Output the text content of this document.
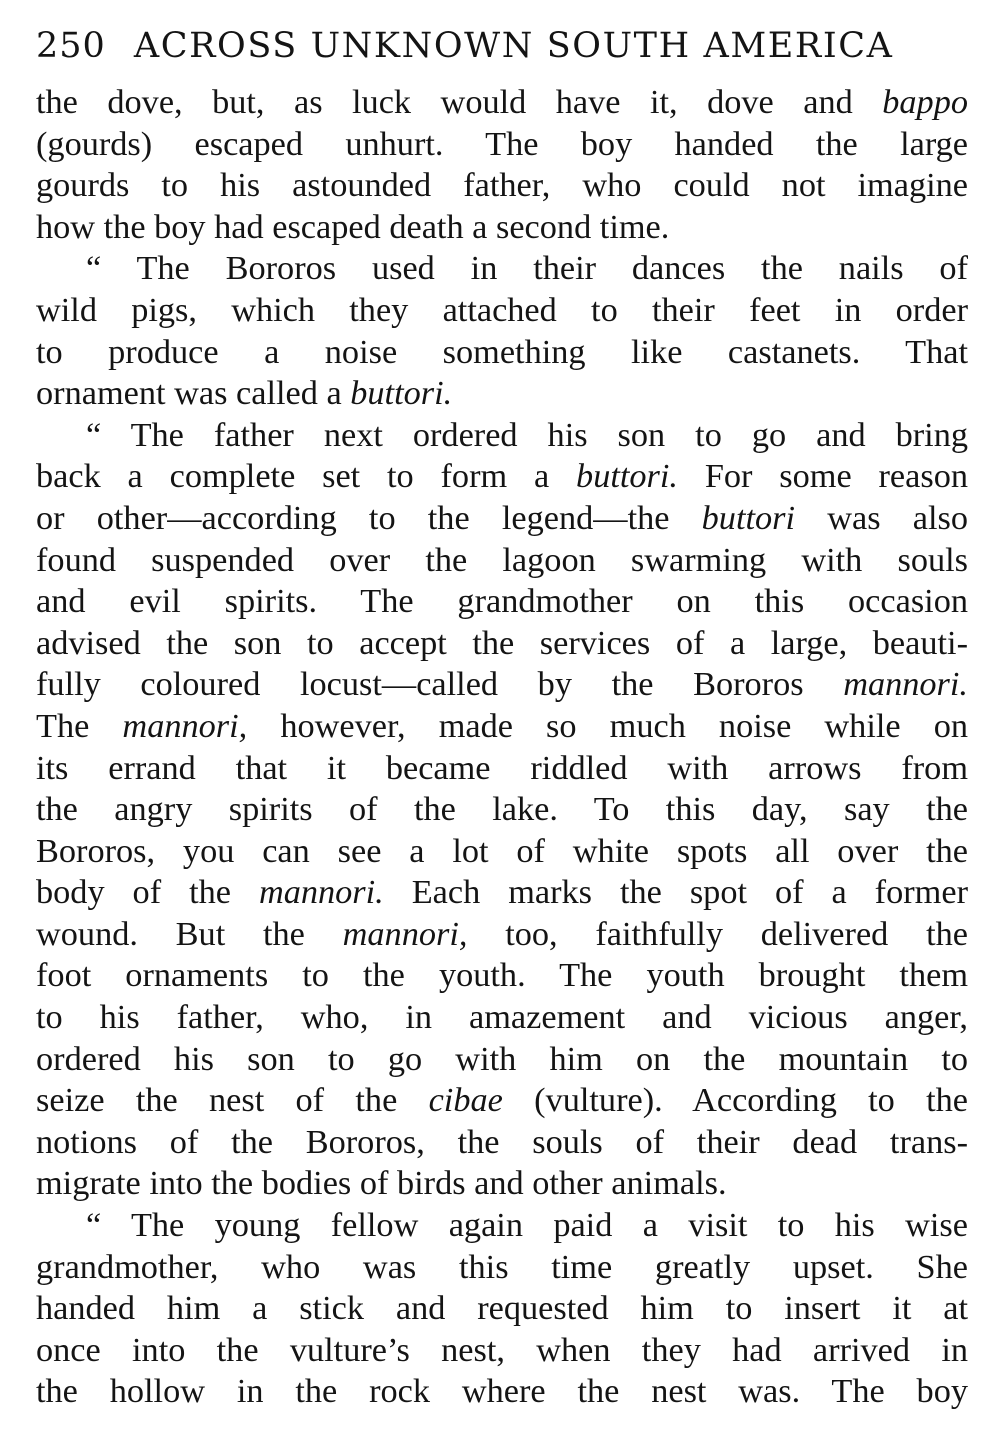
250 ACROSS UNKNOWN SOUTH AMERICA
the dove, but, as luck would have it, dove and bappo
(gourds) escaped unhurt. The boy handed the large
gourds to his astounded father, who could not imagine
how the boy had escaped death a second time.
“ The Bororos used in their dances the nails of
wild pigs, which they attached to their feet in order
to produce a noise something like castanets. That
ornament was called a buttori.
“ The father next ordered his son to go and bring
back a complete set to form a buttori. For some reason
or other—according to the legend—the buttori was also
found suspended over the lagoon swarming with souls
and evil spirits. The grandmother on this occasion
advised the son to accept the services of a large, beauti-
fully coloured locust—called by the Bororos mannori.
The mannori, however, made so much noise while on
its errand that it became riddled with arrows from
the angry spirits of the lake. To this day, say the
Bororos, you can see a lot of white spots all over the
body of the mannori. Each marks the spot of a former
wound. But the mannori, too, faithfully delivered the
foot ornaments to the youth. The youth brought them
to his father, who, in amazement and vicious anger,
ordered his son to go with him on the mountain to
seize the nest of the cibae (vulture). According to the
notions of the Bororos, the souls of their dead trans-
migrate into the bodies of birds and other animals.
“ The young fellow again paid a visit to his wise
grandmother, who was this time greatly upset. She
handed him a stick and requested him to insert it at
once into the vulture’s nest, when they had arrived in
the hollow in the rock where the nest was. The boy
